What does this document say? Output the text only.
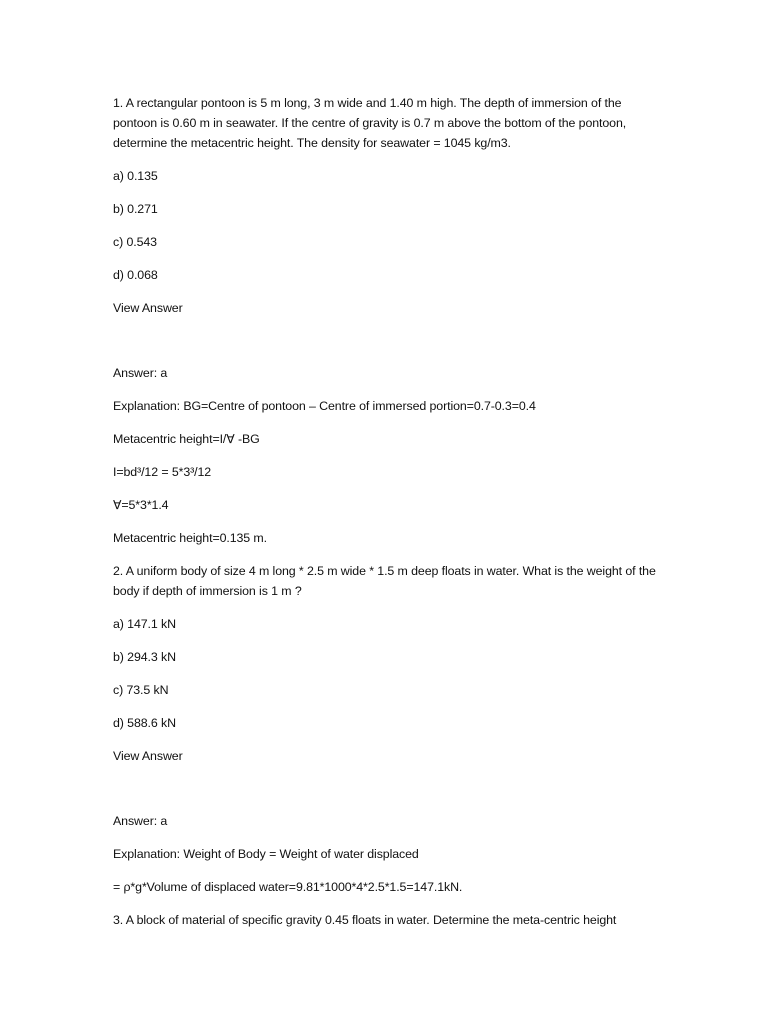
1. A rectangular pontoon is 5 m long, 3 m wide and 1.40 m high. The depth of immersion of the pontoon is 0.60 m in seawater. If the centre of gravity is 0.7 m above the bottom of the pontoon, determine the metacentric height. The density for seawater = 1045 kg/m3.

a) 0.135

b) 0.271

c) 0.543

d) 0.068

View Answer

Answer: a

Explanation: BG=Centre of pontoon – Centre of immersed portion=0.7-0.3=0.4

Metacentric height=I/∀ -BG

I=bd³/12 = 5*3³/12

∀=5*3*1.4

Metacentric height=0.135 m.

2. A uniform body of size 4 m long * 2.5 m wide * 1.5 m deep floats in water. What is the weight of the body if depth of immersion is 1 m ?

a) 147.1 kN

b) 294.3 kN

c) 73.5 kN

d) 588.6 kN

View Answer

Answer: a

Explanation: Weight of Body = Weight of water displaced

= ρ*g*Volume of displaced water=9.81*1000*4*2.5*1.5=147.1kN.

3. A block of material of specific gravity 0.45 floats in water. Determine the meta-centric height
